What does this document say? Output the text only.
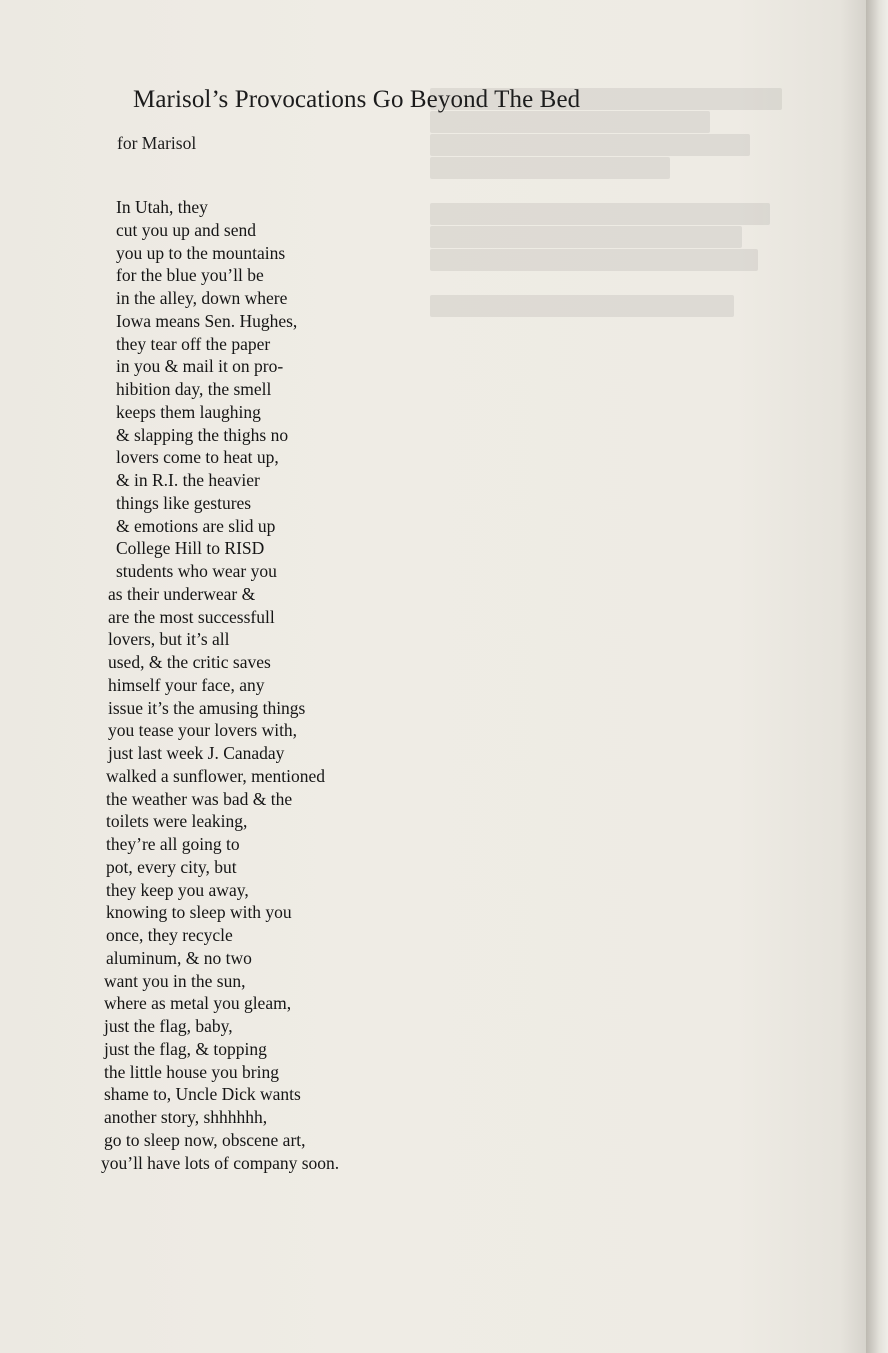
Marisol’s Provocations Go Beyond The Bed

for Marisol

In Utah, they
cut you up and send
you up to the mountains
for the blue you’ll be
in the alley, down where
Iowa means Sen. Hughes,
they tear off the paper
in you & mail it on pro-
hibition day, the smell
keeps them laughing
& slapping the thighs no
lovers come to heat up,
& in R.I. the heavier
things like gestures
& emotions are slid up
College Hill to RISD
students who wear you
as their underwear &
are the most successfull
lovers, but it’s all
used, & the critic saves
himself your face, any
issue it’s the amusing things
you tease your lovers with,
just last week J. Canaday
walked a sunflower, mentioned
the weather was bad & the
toilets were leaking,
they’re all going to
pot, every city, but
they keep you away,
knowing to sleep with you
once, they recycle
aluminum, & no two
want you in the sun,
where as metal you gleam,
just the flag, baby,
just the flag, & topping
the little house you bring
shame to, Uncle Dick wants
another story, shhhhhh,
go to sleep now, obscene art,
you’ll have lots of company soon.
